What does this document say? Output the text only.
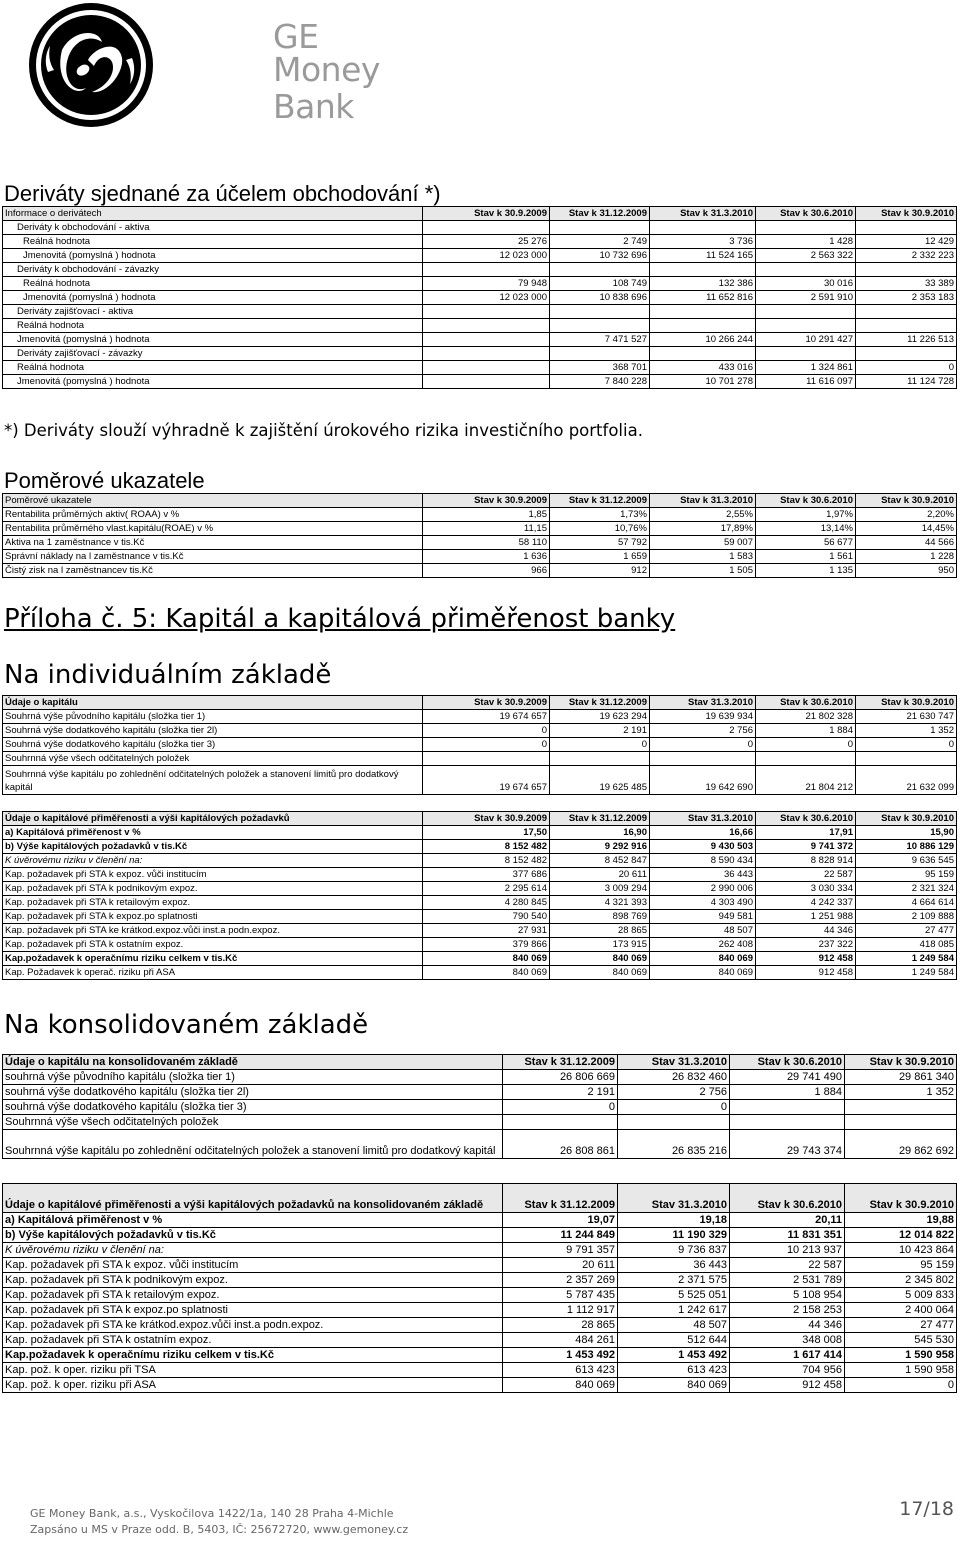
GE Money
Bank
Deriváty sjednané za účelem obchodování *)
Informace o derivátech	Stav k 30.9.2009	Stav k 31.12.2009	Stav k 31.3.2010	Stav k 30.6.2010	Stav k 30.9.2010
Deriváty k obchodování - aktiva					
Reálná hodnota	25 276	2 749	3 736	1 428	12 429
Jmenovitá (pomyslná ) hodnota	12 023 000	10 732 696	11 524 165	2 563 322	2 332 223
Deriváty k obchodování - závazky					
Reálná hodnota	79 948	108 749	132 386	30 016	33 389
Jmenovitá (pomyslná ) hodnota	12 023 000	10 838 696	11 652 816	2 591 910	2 353 183
Deriváty zajišťovací - aktiva					
Reálná hodnota					
Jmenovitá (pomyslná ) hodnota		7 471 527	10 266 244	10 291 427	11 226 513
Deriváty zajišťovací - závazky					
Reálná hodnota		368 701	433 016	1 324 861	0
Jmenovitá (pomyslná ) hodnota		7 840 228	10 701 278	11 616 097	11 124 728
*) Deriváty slouží výhradně k zajištění úrokového rizika investičního portfolia.
Poměrové ukazatele
Poměrové ukazatele	Stav k 30.9.2009	Stav k 31.12.2009	Stav k 31.3.2010	Stav k 30.6.2010	Stav k 30.9.2010
Rentabilita průměrných aktiv( ROAA) v %	1,85	1,73%	2,55%	1,97%	2,20%
Rentabilita průměrného vlast.kapitálu(ROAE) v %	11,15	10,76%	17,89%	13,14%	14,45%
Aktiva na 1 zaměstnance v tis.Kč	58 110	57 792	59 007	56 677	44 566
Správní náklady na l zaměstnance v tis.Kč	1 636	1 659	1 583	1 561	1 228
Čistý zisk na l zaměstnancev tis.Kč	966	912	1 505	1 135	950
Příloha č. 5: Kapitál a kapitálová přiměřenost banky
Na individuálním základě
Údaje o kapitálu	Stav k 30.9.2009	Stav k 31.12.2009	Stav 31.3.2010	Stav k 30.6.2010	Stav k 30.9.2010
Souhrná výše původního kapitálu (složka tier 1)	19 674 657	19 623 294	19 639 934	21 802 328	21 630 747
Souhrná výše dodatkového kapitálu (složka tier 2l)	0	2 191	2 756	1 884	1 352
Souhrná výše dodatkového kapitálu (složka tier 3)	0	0	0	0	0
Souhrnná výše všech odčitatelných položek					
Souhrnná výše kapitálu po zohlednění odčitatelných položek a stanovení limitů pro dodatkový kapitál	19 674 657	19 625 485	19 642 690	21 804 212	21 632 099
Údaje o kapitálové přiměřenosti a výši kapitálových požadavků	Stav k 30.9.2009	Stav k 31.12.2009	Stav 31.3.2010	Stav k 30.6.2010	Stav k 30.9.2010
a) Kapitálová přiměřenost v %	17,50	16,90	16,66	17,91	15,90
b) Výše kapitálových požadavků v tis.Kč	8 152 482	9 292 916	9 430 503	9 741 372	10 886 129
K úvěrovému riziku v členění na:	8 152 482	8 452 847	8 590 434	8 828 914	9 636 545
Kap. požadavek při STA k expoz. vůči institucím	377 686	20 611	36 443	22 587	95 159
Kap. požadavek při STA k podnikovým expoz.	2 295 614	3 009 294	2 990 006	3 030 334	2 321 324
Kap. požadavek při STA k retailovým expoz.	4 280 845	4 321 393	4 303 490	4 242 337	4 664 614
Kap. požadavek při STA k expoz.po splatnosti	790 540	898 769	949 581	1 251 988	2 109 888
Kap. požadavek při STA ke krátkod.expoz.vůči inst.a podn.expoz.	27 931	28 865	48 507	44 346	27 477
Kap. požadavek při STA k ostatním expoz.	379 866	173 915	262 408	237 322	418 085
Kap.požadavek k operačnímu riziku celkem v tis.Kč	840 069	840 069	840 069	912 458	1 249 584
Kap. Požadavek k operač. riziku při ASA	840 069	840 069	840 069	912 458	1 249 584
Na konsolidovaném základě
Údaje o kapitálu na konsolidovaném základě	Stav k 31.12.2009	Stav 31.3.2010	Stav k 30.6.2010	Stav k 30.9.2010
souhrná výše původního kapitálu (složka tier 1)	26 806 669	26 832 460	29 741 490	29 861 340
souhrná výše dodatkového kapitálu (složka tier 2l)	2 191	2 756	1 884	1 352
souhrná výše dodatkového kapitálu (složka tier 3)	0	0		
Souhrnná výše všech odčitatelných položek				
Souhrnná výše kapitálu po zohlednění odčitatelných položek a stanovení limitů pro dodatkový kapitál	26 808 861	26 835 216	29 743 374	29 862 692
Údaje o kapitálové přiměřenosti a výši kapitálových požadavků na konsolidovaném základě	Stav k 31.12.2009	Stav 31.3.2010	Stav k 30.6.2010	Stav k 30.9.2010
a) Kapitálová přiměřenost v %	19,07	19,18	20,11	19,88
b) Výše kapitálových požadavků v tis.Kč	11 244 849	11 190 329	11 831 351	12 014 822
K úvěrovému riziku v členění na:	9 791 357	9 736 837	10 213 937	10 423 864
Kap. požadavek při STA k expoz. vůči institucím	20 611	36 443	22 587	95 159
Kap. požadavek při STA k podnikovým expoz.	2 357 269	2 371 575	2 531 789	2 345 802
Kap. požadavek při STA k retailovým expoz.	5 787 435	5 525 051	5 108 954	5 009 833
Kap. požadavek při STA k expoz.po splatnosti	1 112 917	1 242 617	2 158 253	2 400 064
Kap. požadavek při STA ke krátkod.expoz.vůči inst.a podn.expoz.	28 865	48 507	44 346	27 477
Kap. požadavek při STA k ostatním expoz.	484 261	512 644	348 008	545 530
Kap.požadavek k operačnímu riziku celkem v tis.Kč	1 453 492	1 453 492	1 617 414	1 590 958
Kap. pož. k oper. riziku při TSA	613 423	613 423	704 956	1 590 958
Kap. pož. k oper. riziku při ASA	840 069	840 069	912 458	0
GE Money Bank, a.s., Vyskočilova 1422/1a, 140 28 Praha 4-Michle
Zapsáno u MS v Praze odd. B, 5403, IČ: 25672720, www.gemoney.cz
17/18
